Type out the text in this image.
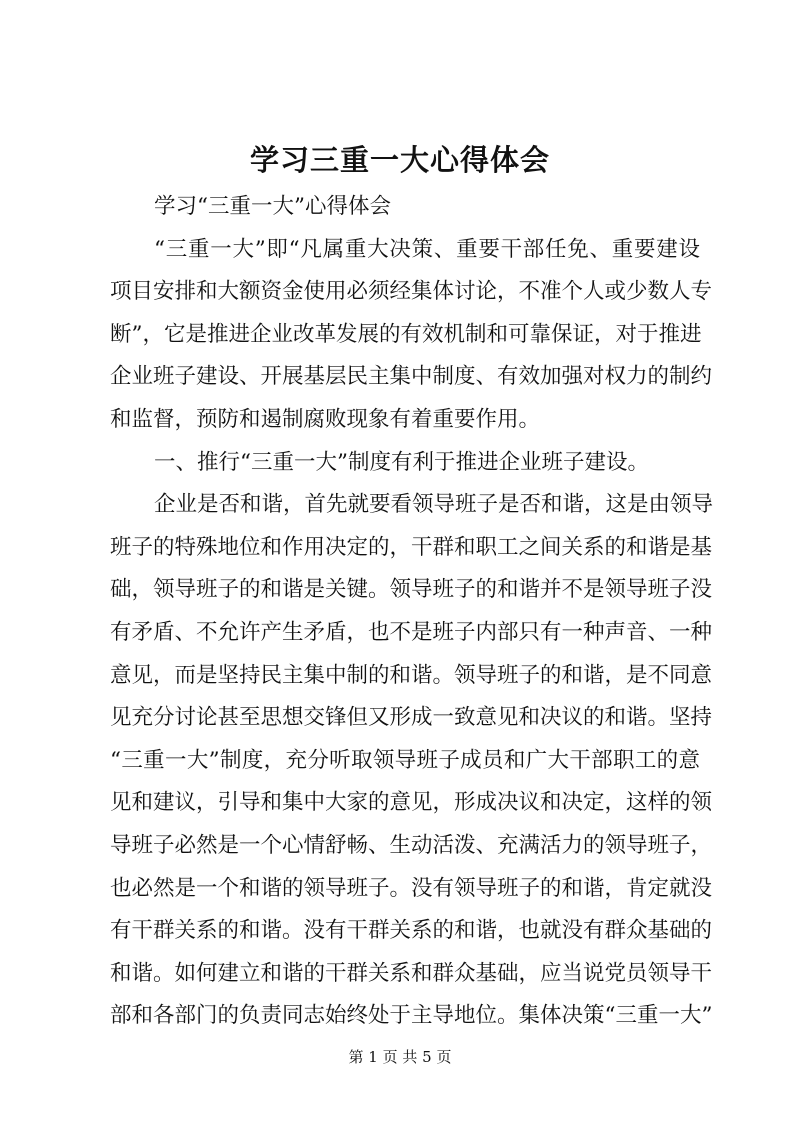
学习三重一大心得体会
学习“三重一大”心得体会
“三重一大”即“凡属重大决策、重要干部任免、重要建设
项目安排和大额资金使用必须经集体讨论，不准个人或少数人专
断”，它是推进企业改革发展的有效机制和可靠保证，对于推进
企业班子建设、开展基层民主集中制度、有效加强对权力的制约
和监督，预防和遏制腐败现象有着重要作用。
一、推行“三重一大”制度有利于推进企业班子建设。
企业是否和谐，首先就要看领导班子是否和谐，这是由领导
班子的特殊地位和作用决定的，干群和职工之间关系的和谐是基
础，领导班子的和谐是关键。领导班子的和谐并不是领导班子没
有矛盾、不允许产生矛盾，也不是班子内部只有一种声音、一种
意见，而是坚持民主集中制的和谐。领导班子的和谐，是不同意
见充分讨论甚至思想交锋但又形成一致意见和决议的和谐。坚持
“三重一大”制度，充分听取领导班子成员和广大干部职工的意
见和建议，引导和集中大家的意见，形成决议和决定，这样的领
导班子必然是一个心情舒畅、生动活泼、充满活力的领导班子，
也必然是一个和谐的领导班子。没有领导班子的和谐，肯定就没
有干群关系的和谐。没有干群关系的和谐，也就没有群众基础的
和谐。如何建立和谐的干群关系和群众基础，应当说党员领导干
部和各部门的负责同志始终处于主导地位。集体决策“三重一大”
第 1 页 共 5 页
